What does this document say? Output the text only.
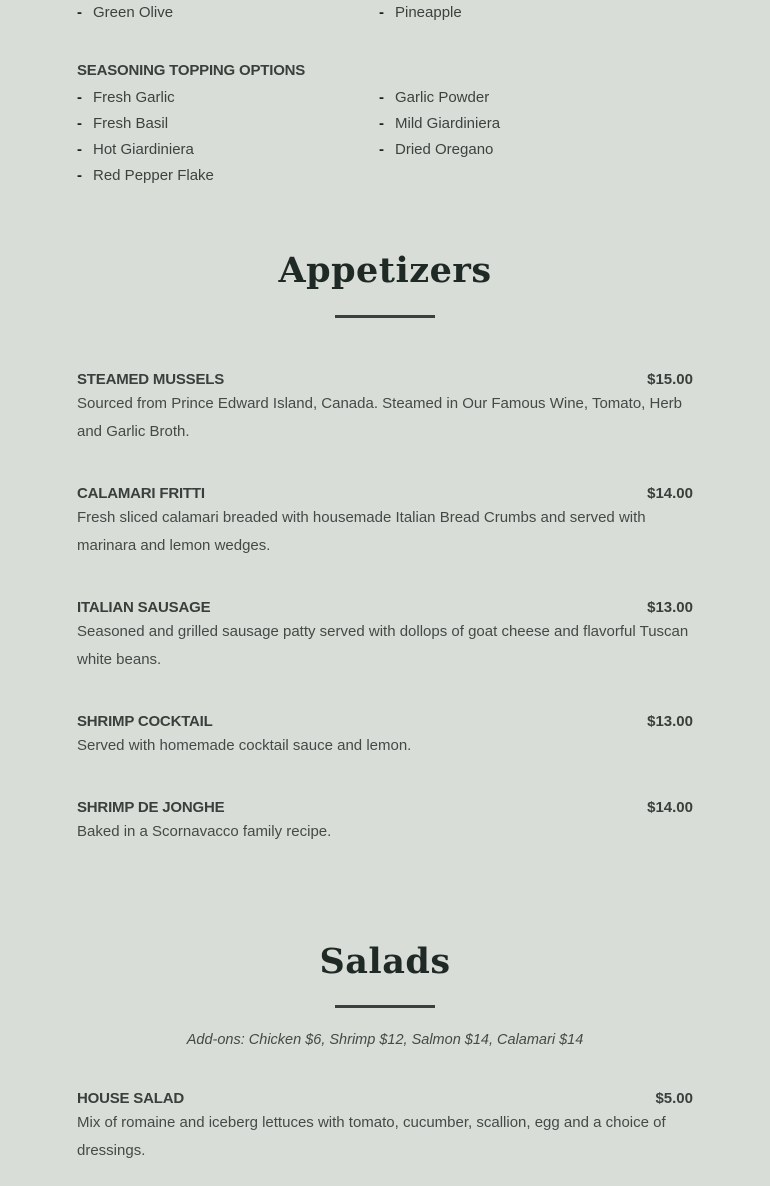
- Green Olive	- Pineapple
SEASONING TOPPING OPTIONS
- Fresh Garlic	- Garlic Powder
- Fresh Basil	- Mild Giardiniera
- Hot Giardiniera	- Dried Oregano
- Red Pepper Flake
Appetizers
STEAMED MUSSELS	$15.00
Sourced from Prince Edward Island, Canada. Steamed in Our Famous Wine, Tomato, Herb and Garlic Broth.
CALAMARI FRITTI	$14.00
Fresh sliced calamari breaded with housemade Italian Bread Crumbs and served with marinara and lemon wedges.
ITALIAN SAUSAGE	$13.00
Seasoned and grilled sausage patty served with dollops of goat cheese and flavorful Tuscan white beans.
SHRIMP COCKTAIL	$13.00
Served with homemade cocktail sauce and lemon.
SHRIMP DE JONGHE	$14.00
Baked in a Scornavacco family recipe.
Salads
Add-ons: Chicken $6, Shrimp $12, Salmon $14, Calamari $14
HOUSE SALAD	$5.00
Mix of romaine and iceberg lettuces with tomato, cucumber, scallion, egg and a choice of dressings.
